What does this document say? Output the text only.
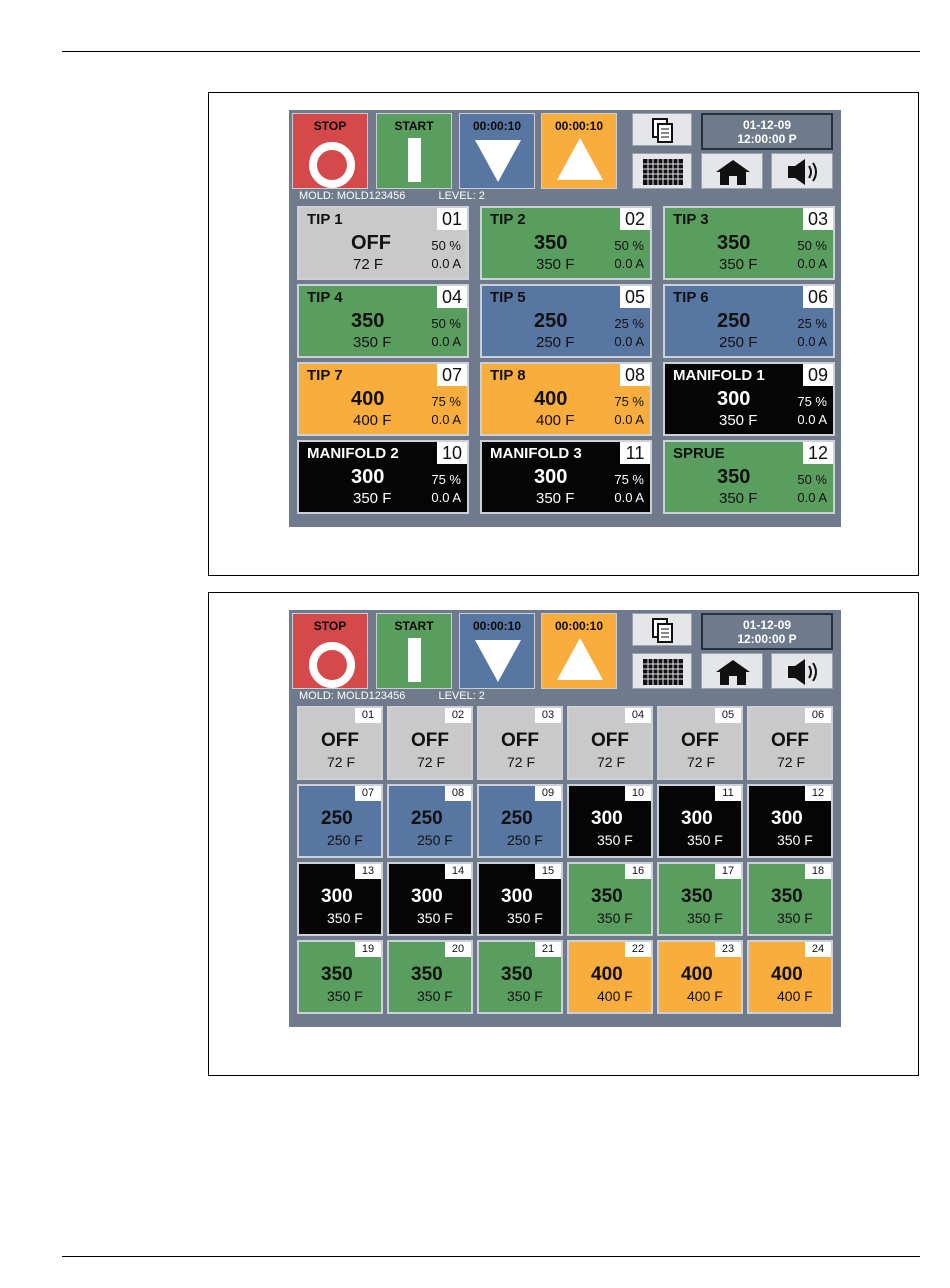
STOP	START	00:00:10	00:00:10	01-12-09
12:00:00 P
MOLD: MOLD123456	LEVEL: 2
TIP 1	01
OFF
72 F
50 %
0.0 A
TIP 2	02
350
350 F
50 %
0.0 A
TIP 3	03
350
350 F
50 %
0.0 A
TIP 4	04
350
350 F
50 %
0.0 A
TIP 5	05
250
250 F
25 %
0.0 A
TIP 6	06
250
250 F
25 %
0.0 A
TIP 7	07
400
400 F
75 %
0.0 A
TIP 8	08
400
400 F
75 %
0.0 A
MANIFOLD 1 09
300
350 F
75 %
0.0 A
MANIFOLD 2 10
300
350 F
75 %
0.0 A
MANIFOLD 3	11
300
350 F
75 %
0.0 A
SPRUE	12
350
350 F
50 %
0.0 A
STOP	START	00:00:10	00:00:10	01-12-09
12:00:00 P
MOLD: MOLD123456	LEVEL: 2
01
OFF
72 F
02
OFF
72 F
03
OFF
72 F
04
OFF
72 F
05
OFF
72 F
06
OFF
72 F
07
250
250 F
08
250
250 F
09
250
250 F
10
300
350 F
11
300
350 F
12
300
350 F
13
300
350 F
14
300
350 F
15
300
350 F
16
350
350 F
17
350
350 F
18
350
350 F
19
350
350 F
20
350
350 F
21
350
350 F
22
400
400 F
23
400
400 F
24
400
400 F
